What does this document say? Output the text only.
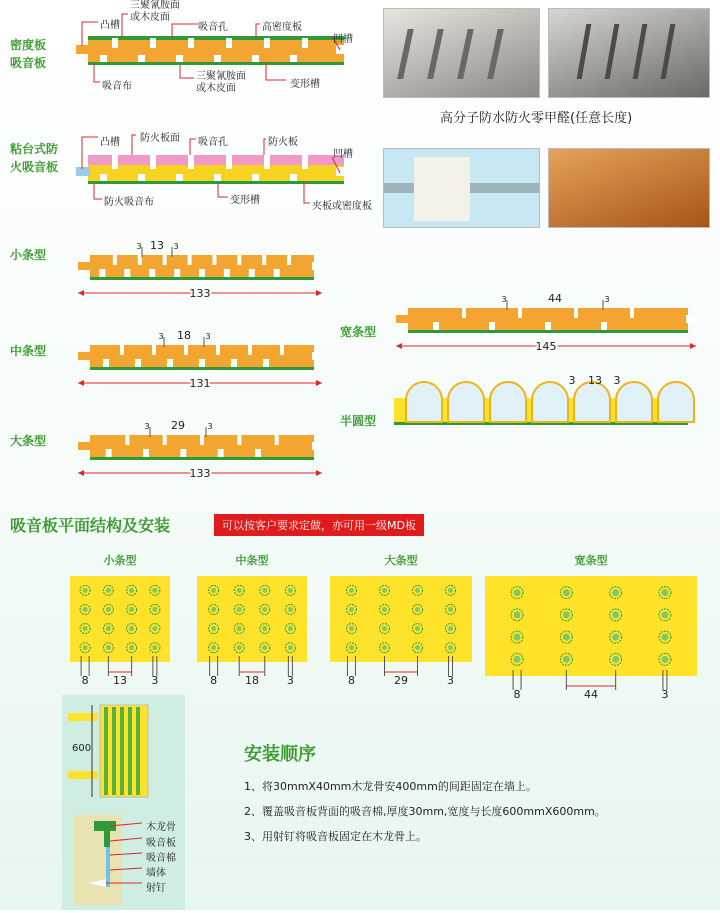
密度板
吸音板
凸槽
三聚氰胺面
或木皮面
吸音孔	高密度板
凹槽
吸音布
三聚氰胺面
或木皮面	变形槽
粘台式防
火吸音板
凸槽 防火板面 吸音孔	防火板
凹槽
防火吸音布	变形槽
夹板或密度板
高分子防水防火零甲醛(任意长度)
小条型
中条型
大条型
宽条型
半圆型
3 13 3
133
3 18 3
131
3 29	3
133
3	44	3
145
3 13 3
吸音板平面结构及安装	可以按客户要求定做，亦可用一级MD板
小条型	中条型	大条型	宽条型
8 13 3	8	18	3	8	29	3
8	44	3
600
木龙骨
吸音板
吸音棉
墙体
射钉
安装顺序
1、将30mmX40mm木龙骨安400mm的间距固定在墙上。
2、覆盖吸音板背面的吸音棉,厚度30mm,宽度与长度600mmX600mm。
3、用射钉将吸音板固定在木龙骨上。
